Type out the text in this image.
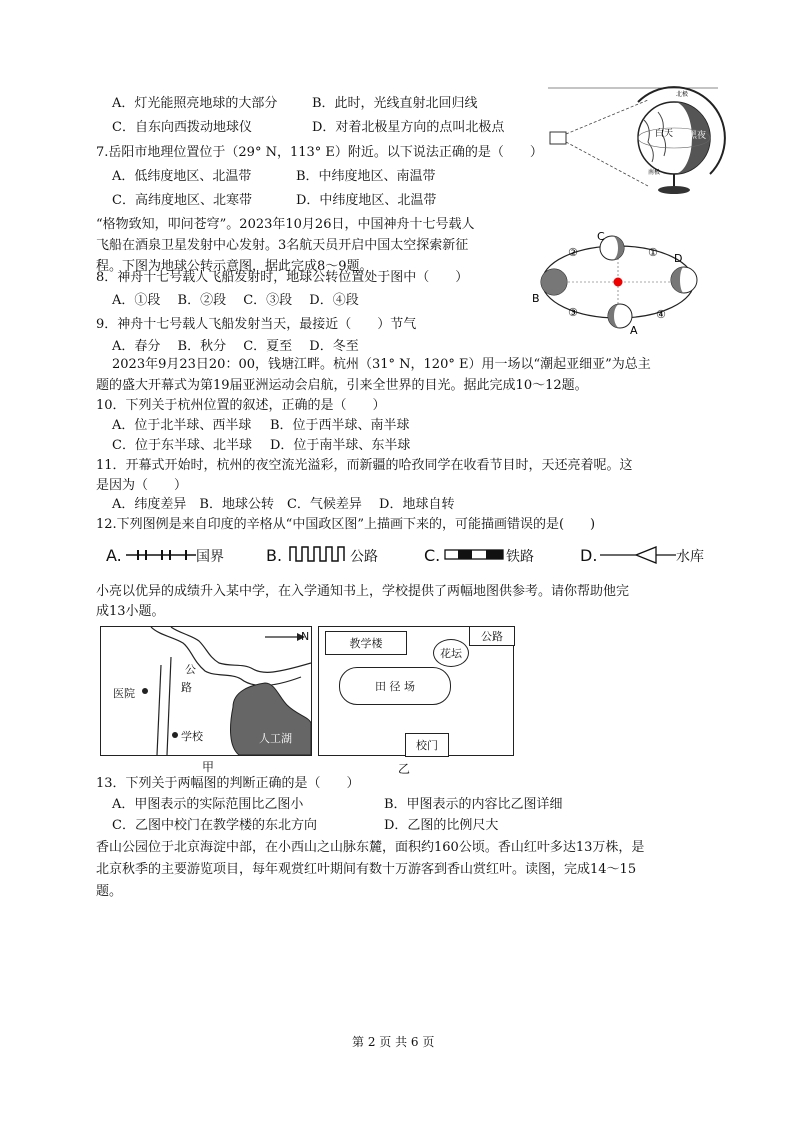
A．灯光能照亮地球的大部分	B．此时，光线直射北回归线
C．自东向西拨动地球仪	D．对着北极星方向的点叫北极点
北极
白天 黑夜
南极
7.岳阳市地理位置位于（29° N，113° E）附近。以下说法正确的是（　　）
A．低纬度地区、北温带	B．中纬度地区、南温带
C．高纬度地区、北寒带	D．中纬度地区、北温带
“格物致知，叩问苍穹”。2023年10月26日，中国神舟十七号载人
飞船在酒泉卫星发射中心发射。3名航天员开启中国太空探索新征
程。下图为地球公转示意图，据此完成8～9题。
C
A
B
D
①
②
③	④
8．神舟十七号载人飞船发射时，地球公转位置处于图中（　　）
A．①段　 B．②段　 C．③段　 D．④段
9．神舟十七号载人飞船发射当天，最接近（　　）节气
A．春分　 B．秋分　 C．夏至　 D．冬至
2023年9月23日20：00，钱塘江畔。杭州（31° N，120° E）用一场以“潮起亚细亚”为总主
题的盛大开幕式为第19届亚洲运动会启航，引来全世界的目光。据此完成10～12题。
10．下列关于杭州位置的叙述，正确的是（　　）
A．位于北半球、西半球 B．位于西半球、南半球
C．位于东半球、北半球 D．位于南半球、东半球
11．开幕式开始时，杭州的夜空流光溢彩，而新疆的哈孜同学在收看节目时，天还亮着呢。这
是因为（　　）
A．纬度差异　B．地球公转　C．气候差异　 D．地球自转
12.下列图例是来自印度的辛格从“中国政区图”上描画下来的，可能描画错误的是(　　)
A.	国界	B.	公路	C.	铁路	D.	水库
小亮以优异的成绩升入某中学，在入学通知书上，学校提供了两幅地图供参考。请你帮助他完
成13小题。
N
公
路
医院
学校	人工湖
甲
教学楼
花坛
公路
田 径 场
校门
乙
13．下列关于两幅图的判断正确的是（　　）
A．甲图表示的实际范围比乙图小	B．甲图表示的内容比乙图详细
C．乙图中校门在教学楼的东北方向	D．乙图的比例尺大
香山公园位于北京海淀中部，在小西山之山脉东麓，面积约160公顷。香山红叶多达13万株，是
北京秋季的主要游览项目，每年观赏红叶期间有数十万游客到香山赏红叶。读图，完成14～15
题。
第 2 页 共 6 页
